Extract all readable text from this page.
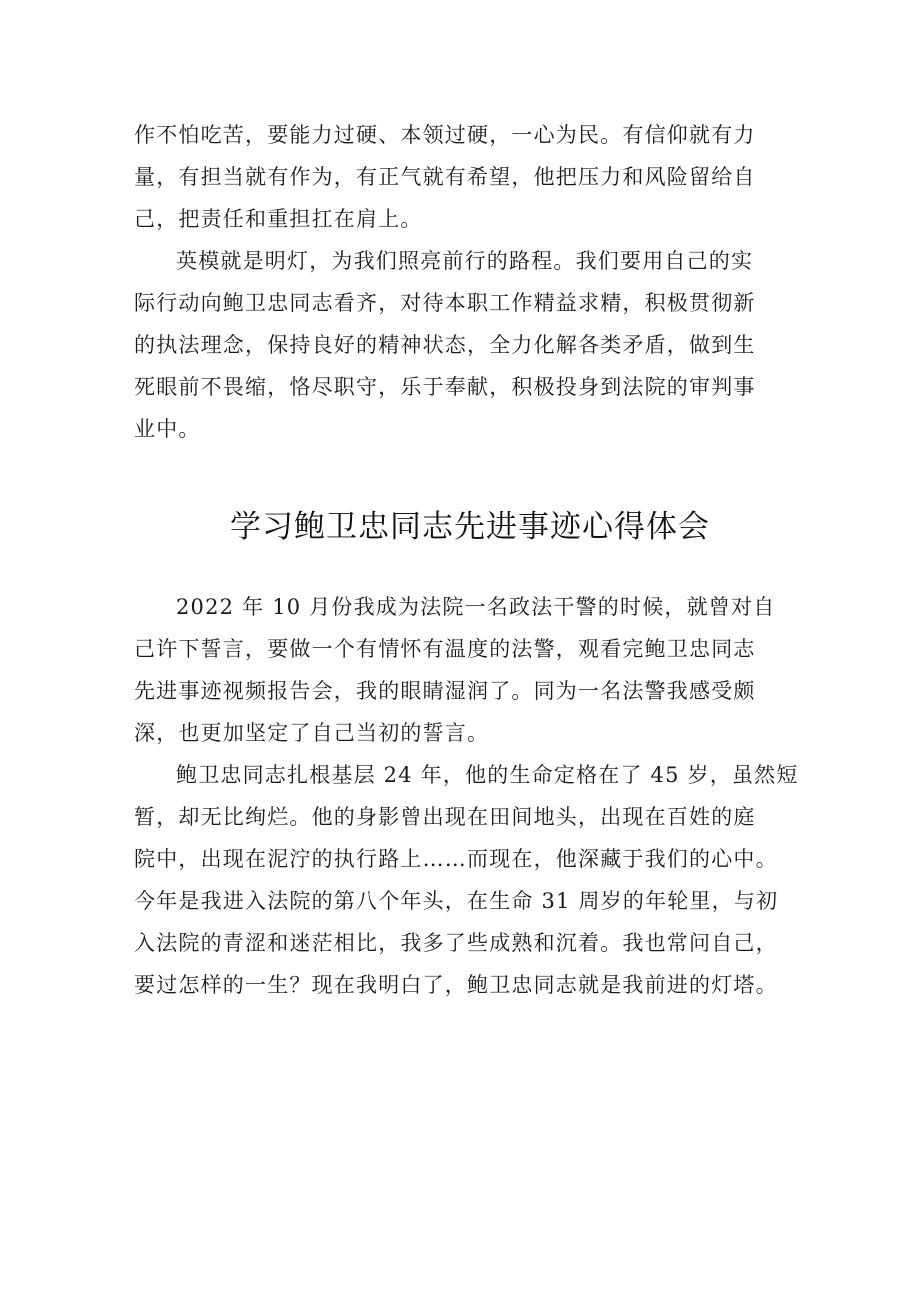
作不怕吃苦，要能力过硬、本领过硬，一心为民。有信仰就有力
量，有担当就有作为，有正气就有希望，他把压力和风险留给自
己，把责任和重担扛在肩上。
英模就是明灯，为我们照亮前行的路程。我们要用自己的实
际行动向鲍卫忠同志看齐，对待本职工作精益求精，积极贯彻新
的执法理念，保持良好的精神状态，全力化解各类矛盾，做到生
死眼前不畏缩，恪尽职守，乐于奉献，积极投身到法院的审判事
业中。
学习鲍卫忠同志先进事迹心得体会
2022 年 10 月份我成为法院一名政法干警的时候，就曾对自
己许下誓言，要做一个有情怀有温度的法警，观看完鲍卫忠同志
先进事迹视频报告会，我的眼睛湿润了。同为一名法警我感受颇
深，也更加坚定了自己当初的誓言。
鲍卫忠同志扎根基层 24 年，他的生命定格在了 45 岁，虽然短
暂，却无比绚烂。他的身影曾出现在田间地头，出现在百姓的庭
院中，出现在泥泞的执行路上……而现在，他深藏于我们的心中。
今年是我进入法院的第八个年头，在生命 31 周岁的年轮里，与初
入法院的青涩和迷茫相比，我多了些成熟和沉着。我也常问自己，
要过怎样的一生？现在我明白了，鲍卫忠同志就是我前进的灯塔。
